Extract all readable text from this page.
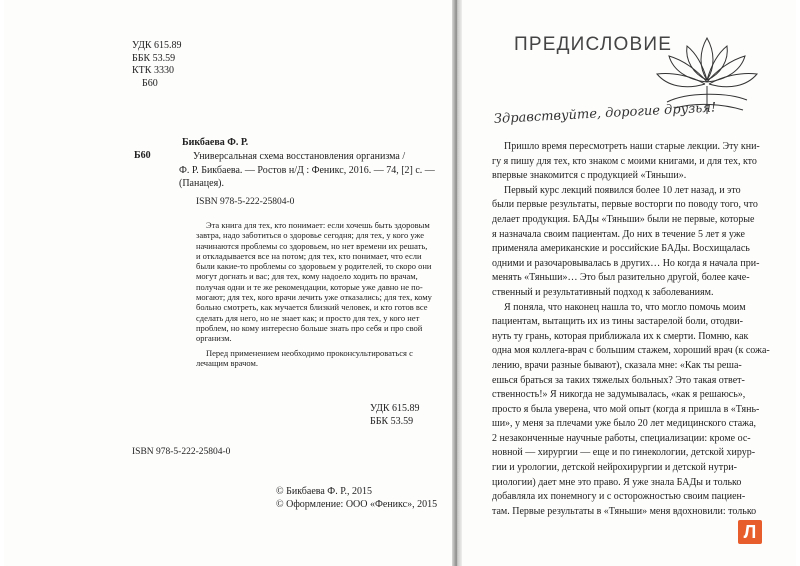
УДК 615.89
ББК 53.59
КТК 3330
Б60
Бикбаева Ф. Р.
Б60	Универсальная схема восстановления организма /
Ф. Р. Бикбаева. — Ростов н/Д : Феникс, 2016. — 74, [2] с. —
(Панацея).
ISBN 978-5-222-25804-0
Эта книга для тех, кто понимает: если хочешь быть здоровым
завтра, надо заботиться о здоровье сегодня; для тех, у кого уже
начинаются проблемы со здоровьем, но нет времени их решать,
и откладывается все на потом; для тех, кто понимает, что если
были какие-то проблемы со здоровьем у родителей, то скоро они
могут догнать и вас; для тех, кому надоело ходить по врачам,
получая одни и те же рекомендации, которые уже давно не по-
могают; для тех, кого врачи лечить уже отказались; для тех, кому
больно смотреть, как мучается близкий человек, и кто готов все
сделать для него, но не знает как; и просто для тех, у кого нет
проблем, но кому интересно больше знать про себя и про свой
организм.
Перед применением необходимо проконсультироваться с
лечащим врачом.
УДК 615.89
ББК 53.59
ISBN 978-5-222-25804-0
© Бикбаева Ф. Р., 2015
© Оформление: ООО «Феникс», 2015
ПРЕДИСЛОВИЕ
Здравствуйте, дорогие друзья!
Пришло время пересмотреть наши старые лекции. Эту кни-
гу я пишу для тех, кто знаком с моими книгами, и для тех, кто
впервые знакомится с продукцией «Тяньши».
Первый курс лекций появился более 10 лет назад, и это
были первые результаты, первые восторги по поводу того, что
делает продукция. БАДы «Тяньши» были не первые, которые
я назначала своим пациентам. До них в течение 5 лет я уже
применяла американские и российские БАДы. Восхищалась
одними и разочаровывалась в других… Но когда я начала при-
менять «Тяньши»… Это был разительно другой, более каче-
ственный и результативный подход к заболеваниям.
Я поняла, что наконец нашла то, что могло помочь моим
пациентам, вытащить их из тины застарелой боли, отодви-
нуть ту грань, которая приближала их к смерти. Помню, как
одна моя коллега-врач с большим стажем, хороший врач (к сожа-
лению, врачи разные бывают), сказала мне: «Как ты реша-
ешься браться за таких тяжелых больных? Это такая ответ-
ственность!» Я никогда не задумывалась, «как я решаюсь»,
просто я была уверена, что мой опыт (когда я пришла в «Тянь-
ши», у меня за плечами уже было 20 лет медицинского стажа,
2 незаконченные научные работы, специализации: кроме ос-
новной — хирургии — еще и по гинекологии, детской хирур-
гии и урологии, детской нейрохирургии и детской нутри-
циологии) дает мне это право. Я уже знала БАДы и только
добавляла их понемногу и с осторожностью своим пациен-
там. Первые результаты в «Тяньши» меня вдохновили: только
Л
